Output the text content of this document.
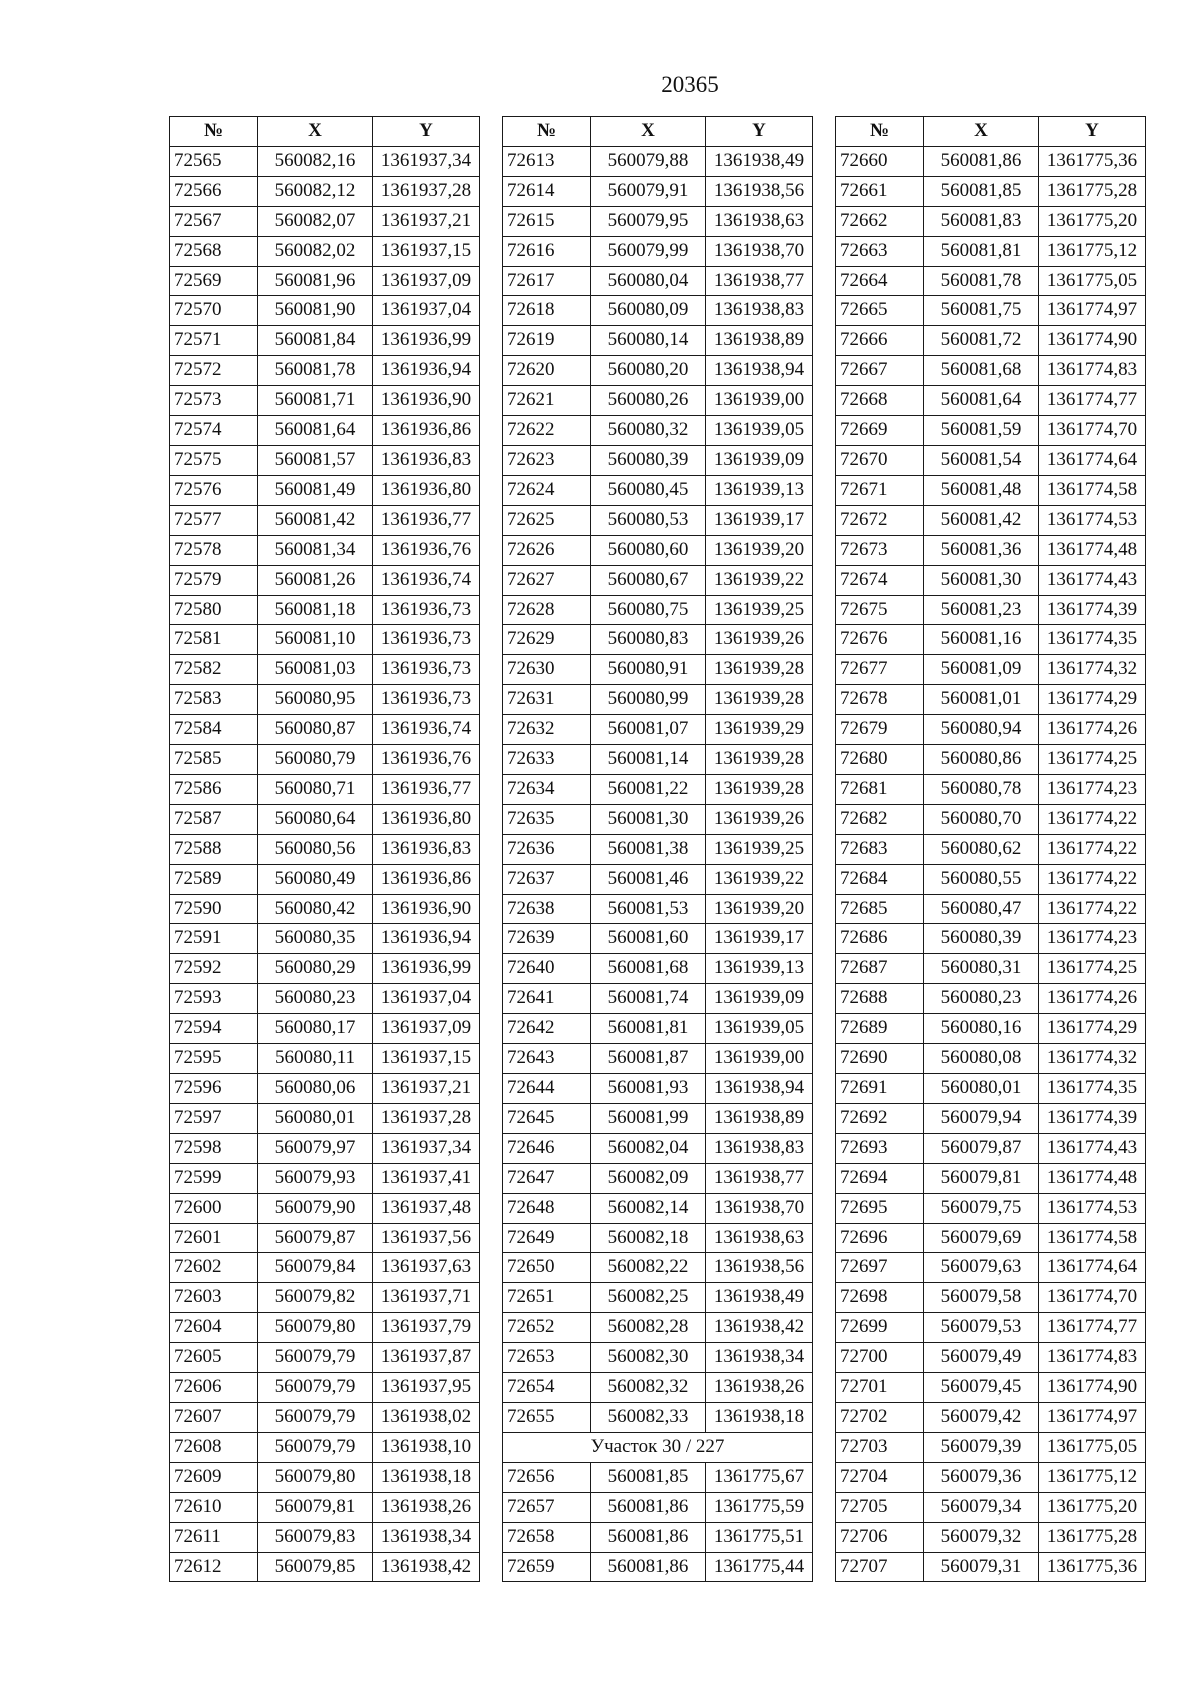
20365
№	X	Y
72565	560082,16	1361937,34
72566	560082,12	1361937,28
72567	560082,07	1361937,21
72568	560082,02	1361937,15
72569	560081,96	1361937,09
72570	560081,90	1361937,04
72571	560081,84	1361936,99
72572	560081,78	1361936,94
72573	560081,71	1361936,90
72574	560081,64	1361936,86
72575	560081,57	1361936,83
72576	560081,49	1361936,80
72577	560081,42	1361936,77
72578	560081,34	1361936,76
72579	560081,26	1361936,74
72580	560081,18	1361936,73
72581	560081,10	1361936,73
72582	560081,03	1361936,73
72583	560080,95	1361936,73
72584	560080,87	1361936,74
72585	560080,79	1361936,76
72586	560080,71	1361936,77
72587	560080,64	1361936,80
72588	560080,56	1361936,83
72589	560080,49	1361936,86
72590	560080,42	1361936,90
72591	560080,35	1361936,94
72592	560080,29	1361936,99
72593	560080,23	1361937,04
72594	560080,17	1361937,09
72595	560080,11	1361937,15
72596	560080,06	1361937,21
72597	560080,01	1361937,28
72598	560079,97	1361937,34
72599	560079,93	1361937,41
72600	560079,90	1361937,48
72601	560079,87	1361937,56
72602	560079,84	1361937,63
72603	560079,82	1361937,71
72604	560079,80	1361937,79
72605	560079,79	1361937,87
72606	560079,79	1361937,95
72607	560079,79	1361938,02
72608	560079,79	1361938,10
72609	560079,80	1361938,18
72610	560079,81	1361938,26
72611	560079,83	1361938,34
72612	560079,85	1361938,42
№	X	Y
72613	560079,88	1361938,49
72614	560079,91	1361938,56
72615	560079,95	1361938,63
72616	560079,99	1361938,70
72617	560080,04	1361938,77
72618	560080,09	1361938,83
72619	560080,14	1361938,89
72620	560080,20	1361938,94
72621	560080,26	1361939,00
72622	560080,32	1361939,05
72623	560080,39	1361939,09
72624	560080,45	1361939,13
72625	560080,53	1361939,17
72626	560080,60	1361939,20
72627	560080,67	1361939,22
72628	560080,75	1361939,25
72629	560080,83	1361939,26
72630	560080,91	1361939,28
72631	560080,99	1361939,28
72632	560081,07	1361939,29
72633	560081,14	1361939,28
72634	560081,22	1361939,28
72635	560081,30	1361939,26
72636	560081,38	1361939,25
72637	560081,46	1361939,22
72638	560081,53	1361939,20
72639	560081,60	1361939,17
72640	560081,68	1361939,13
72641	560081,74	1361939,09
72642	560081,81	1361939,05
72643	560081,87	1361939,00
72644	560081,93	1361938,94
72645	560081,99	1361938,89
72646	560082,04	1361938,83
72647	560082,09	1361938,77
72648	560082,14	1361938,70
72649	560082,18	1361938,63
72650	560082,22	1361938,56
72651	560082,25	1361938,49
72652	560082,28	1361938,42
72653	560082,30	1361938,34
72654	560082,32	1361938,26
72655	560082,33	1361938,18
Участок 30 / 227		
72656	560081,85	1361775,67
72657	560081,86	1361775,59
72658	560081,86	1361775,51
72659	560081,86	1361775,44
№	X	Y
72660	560081,86	1361775,36
72661	560081,85	1361775,28
72662	560081,83	1361775,20
72663	560081,81	1361775,12
72664	560081,78	1361775,05
72665	560081,75	1361774,97
72666	560081,72	1361774,90
72667	560081,68	1361774,83
72668	560081,64	1361774,77
72669	560081,59	1361774,70
72670	560081,54	1361774,64
72671	560081,48	1361774,58
72672	560081,42	1361774,53
72673	560081,36	1361774,48
72674	560081,30	1361774,43
72675	560081,23	1361774,39
72676	560081,16	1361774,35
72677	560081,09	1361774,32
72678	560081,01	1361774,29
72679	560080,94	1361774,26
72680	560080,86	1361774,25
72681	560080,78	1361774,23
72682	560080,70	1361774,22
72683	560080,62	1361774,22
72684	560080,55	1361774,22
72685	560080,47	1361774,22
72686	560080,39	1361774,23
72687	560080,31	1361774,25
72688	560080,23	1361774,26
72689	560080,16	1361774,29
72690	560080,08	1361774,32
72691	560080,01	1361774,35
72692	560079,94	1361774,39
72693	560079,87	1361774,43
72694	560079,81	1361774,48
72695	560079,75	1361774,53
72696	560079,69	1361774,58
72697	560079,63	1361774,64
72698	560079,58	1361774,70
72699	560079,53	1361774,77
72700	560079,49	1361774,83
72701	560079,45	1361774,90
72702	560079,42	1361774,97
72703	560079,39	1361775,05
72704	560079,36	1361775,12
72705	560079,34	1361775,20
72706	560079,32	1361775,28
72707	560079,31	1361775,36
